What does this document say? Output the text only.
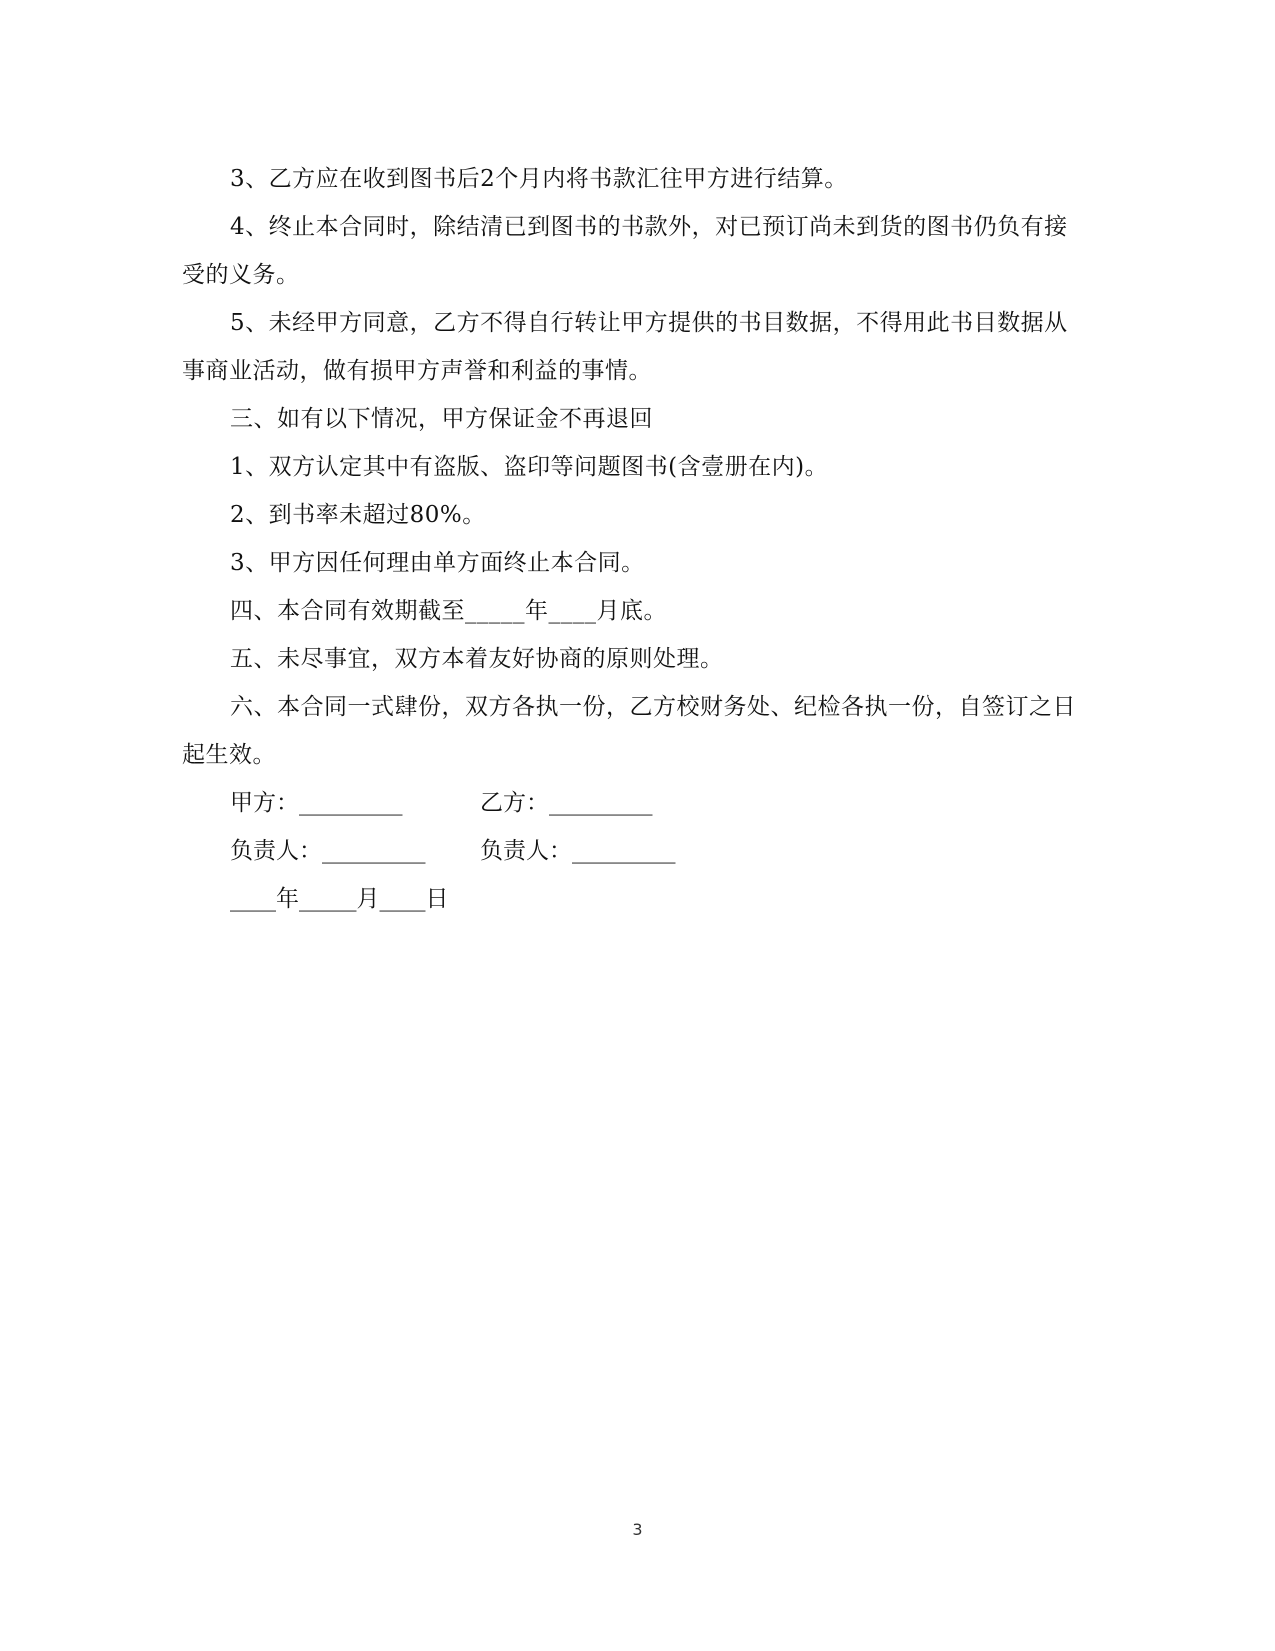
3、乙方应在收到图书后2个月内将书款汇往甲方进行结算。

4、终止本合同时，除结清已到图书的书款外，对已预订尚未到货的图书仍负有接受的义务。

5、未经甲方同意，乙方不得自行转让甲方提供的书目数据，不得用此书目数据从事商业活动，做有损甲方声誉和利益的事情。

三、如有以下情况，甲方保证金不再退回

1、双方认定其中有盗版、盗印等问题图书(含壹册在内)。

2、到书率未超过80%。

3、甲方因任何理由单方面终止本合同。

四、本合同有效期截至_____年____月底。

五、未尽事宜，双方本着友好协商的原则处理。

六、本合同一式肆份，双方各执一份，乙方校财务处、纪检各执一份，自签订之日起生效。

甲方：_________	乙方：_________
负责人：_________ 负责人：_________
____年_____月____日
3
